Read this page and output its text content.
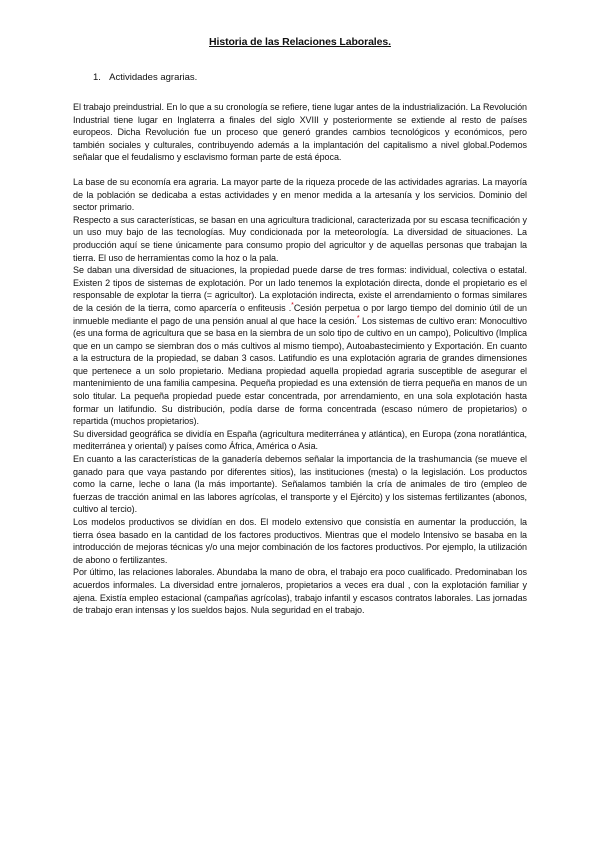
Historia de las Relaciones Laborales.
1. Actividades agrarias.

El trabajo preindustrial. En lo que a su cronología se refiere, tiene lugar antes de la industrialización. La Revolución Industrial tiene lugar en Inglaterra a finales del siglo XVIII y posteriormente se extiende al resto de países europeos. Dicha Revolución fue un proceso que generó grandes cambios tecnológicos y económicos, pero también sociales y culturales, contribuyendo además a la implantación del capitalismo a nivel global.Podemos señalar que el feudalismo y esclavismo forman parte de está época.

La base de su economía era agraria. La mayor parte de la riqueza procede de las actividades agrarias. La mayoría de la población se dedicaba a estas actividades y en menor medida a la artesanía y los servicios. Dominio del sector primario.

Respecto a sus características, se basan en una agricultura tradicional, caracterizada por su escasa tecnificación y un uso muy bajo de las tecnologías. Muy condicionada por la meteorología. La diversidad de situaciones. La producción aquí se tiene únicamente para consumo propio del agricultor y de aquellas personas que trabajan la tierra. El uso de herramientas como la hoz o la pala.

Se daban una diversidad de situaciones, la propiedad puede darse de tres formas: individual, colectiva o estatal. Existen 2 tipos de sistemas de explotación. Por un lado tenemos la explotación directa, donde el propietario es el responsable de explotar la tierra (= agricultor). La explotación indirecta, existe el arrendamiento o formas similares de la cesión de la tierra, como aparcería o enfiteusis .*Cesión perpetua o por largo tiempo del dominio útil de un inmueble mediante el pago de una pensión anual al que hace la cesión.* Los sistemas de cultivo eran: Monocultivo (es una forma de agricultura que se basa en la siembra de un solo tipo de cultivo en un campo), Policultivo (Implica que en un campo se siembran dos o más cultivos al mismo tiempo), Autoabastecimiento y Exportación. En cuanto a la estructura de la propiedad, se daban 3 casos. Latifundio es una explotación agraria de grandes dimensiones que pertenece a un solo propietario. Mediana propiedad aquella propiedad agraria susceptible de asegurar el mantenimiento de una familia campesina. Pequeña propiedad es una extensión de tierra pequeña en manos de un solo titular. La pequeña propiedad puede estar concentrada, por arrendamiento, en una sola explotación hasta formar un latifundio. Su distribución, podía darse de forma concentrada (escaso número de propietarios) o repartida (muchos propietarios).

Su diversidad geográfica se dividía en España (agricultura mediterránea y atlántica), en Europa (zona noratlántica, mediterránea y oriental) y países como África, América o Asia.

En cuanto a las características de la ganadería debemos señalar la importancia de la trashumancia (se mueve el ganado para que vaya pastando por diferentes sitios), las instituciones (mesta) o la legislación. Los productos como la carne, leche o lana (la más importante). Señalamos también la cría de animales de tiro (empleo de fuerzas de tracción animal en las labores agrícolas, el transporte y el Ejército) y los sistemas fertilizantes (abonos, cultivo al tercio).

Los modelos productivos se dividían en dos. El modelo extensivo que consistía en aumentar la producción, la tierra ósea basado en la cantidad de los factores productivos. Mientras que el modelo Intensivo se basaba en la introducción de mejoras técnicas y/o una mejor combinación de los factores productivos. Por ejemplo, la utilización de abono o fertilizantes.

Por último, las relaciones laborales. Abundaba la mano de obra, el trabajo era poco cualificado. Predominaban los acuerdos informales. La diversidad entre jornaleros, propietarios a veces era dual , con la explotación familiar y ajena. Existía empleo estacional (campañas agrícolas), trabajo infantil y escasos contratos laborales. Las jornadas de trabajo eran intensas y los sueldos bajos. Nula seguridad en el trabajo.
